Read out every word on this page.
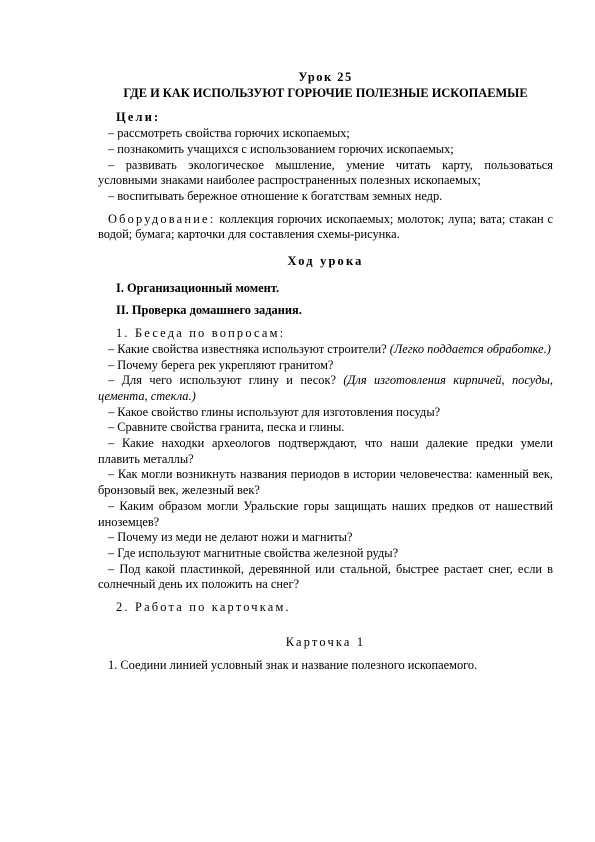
Урок 25

ГДЕ И КАК ИСПОЛЬЗУЮТ ГОРЮЧИЕ ПОЛЕЗНЫЕ ИСКОПАЕМЫЕ

Цели:

– рассмотреть свойства горючих ископаемых;

– познакомить учащихся с использованием горючих ископаемых;

– развивать экологическое мышление, умение читать карту, пользоваться условными знаками наиболее распространенных полезных ископаемых;

– воспитывать бережное отношение к богатствам земных недр.

Оборудование: коллекция горючих ископаемых; молоток; лупа; вата; стакан с водой; бумага; карточки для составления схемы-рисунка.

Ход урока

I. Организационный момент.

II. Проверка домашнего задания.

1. Беседа по вопросам:

– Какие свойства известняка используют строители? (Легко поддается обработке.)

– Почему берега рек укрепляют гранитом?

– Для чего используют глину и песок? (Для изготовления кирпичей, посуды, цемента, стекла.)

– Какое свойство глины используют для изготовления посуды?

– Сравните свойства гранита, песка и глины.

– Какие находки археологов подтверждают, что наши далекие предки умели плавить металлы?

– Как могли возникнуть названия периодов в истории человечества: каменный век, бронзовый век, железный век?

– Каким образом могли Уральские горы защищать наших предков от нашествий иноземцев?

– Почему из меди не делают ножи и магниты?

– Где используют магнитные свойства железной руды?

– Под какой пластинкой, деревянной или стальной, быстрее растает снег, если в солнечный день их положить на снег?

2. Работа по карточкам.

Карточка 1

1. Соедини линией условный знак и название полезного ископаемого.
